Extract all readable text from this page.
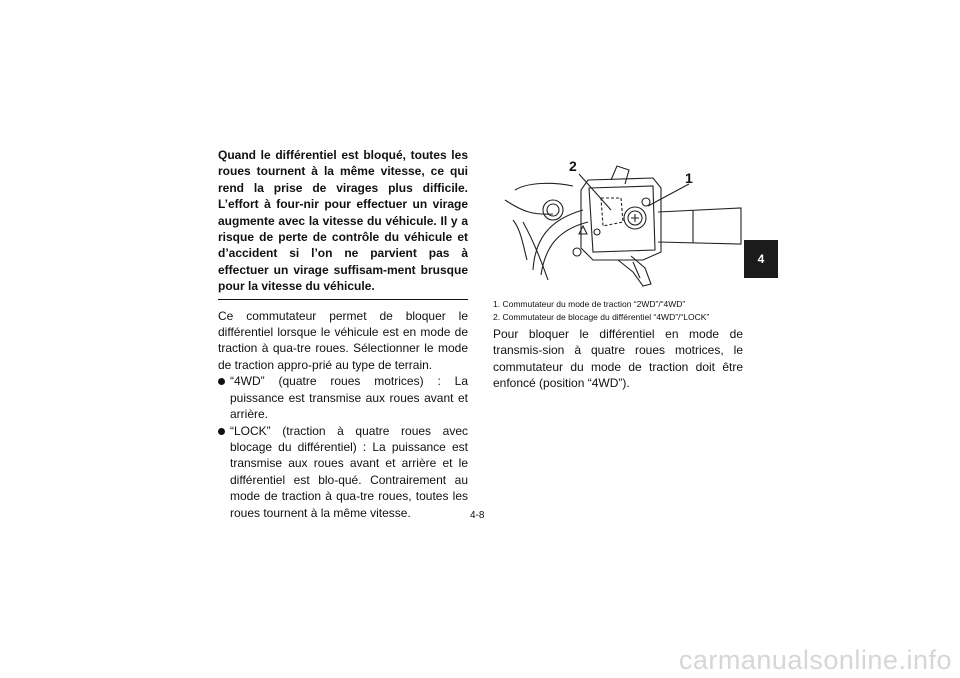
Quand le différentiel est bloqué, toutes les roues tournent à la même vitesse, ce qui rend la prise de virages plus difficile. L’effort à four-nir pour effectuer un virage augmente avec la vitesse du véhicule. Il y a risque de perte de contrôle du véhicule et d’accident si l’on ne parvient pas à effectuer un virage suffisam-ment brusque pour la vitesse du véhicule.

Ce commutateur permet de bloquer le différentiel lorsque le véhicule est en mode de traction à qua-tre roues. Sélectionner le mode de traction appro-prié au type de terrain.

“4WD” (quatre roues motrices) : La puissance est transmise aux roues avant et arrière.

“LOCK” (traction à quatre roues avec blocage du différentiel) : La puissance est transmise aux roues avant et arrière et le différentiel est blo-qué. Contrairement au mode de traction à qua-tre roues, toutes les roues tournent à la même vitesse.

2
1

1. Commutateur du mode de traction “2WD”/“4WD”

2. Commutateur de blocage du différentiel “4WD”/“LOCK”

Pour bloquer le différentiel en mode de transmis-sion à quatre roues motrices, le commutateur du mode de traction doit être enfoncé (position “4WD”).

4
4-8
carmanualsonline.info
